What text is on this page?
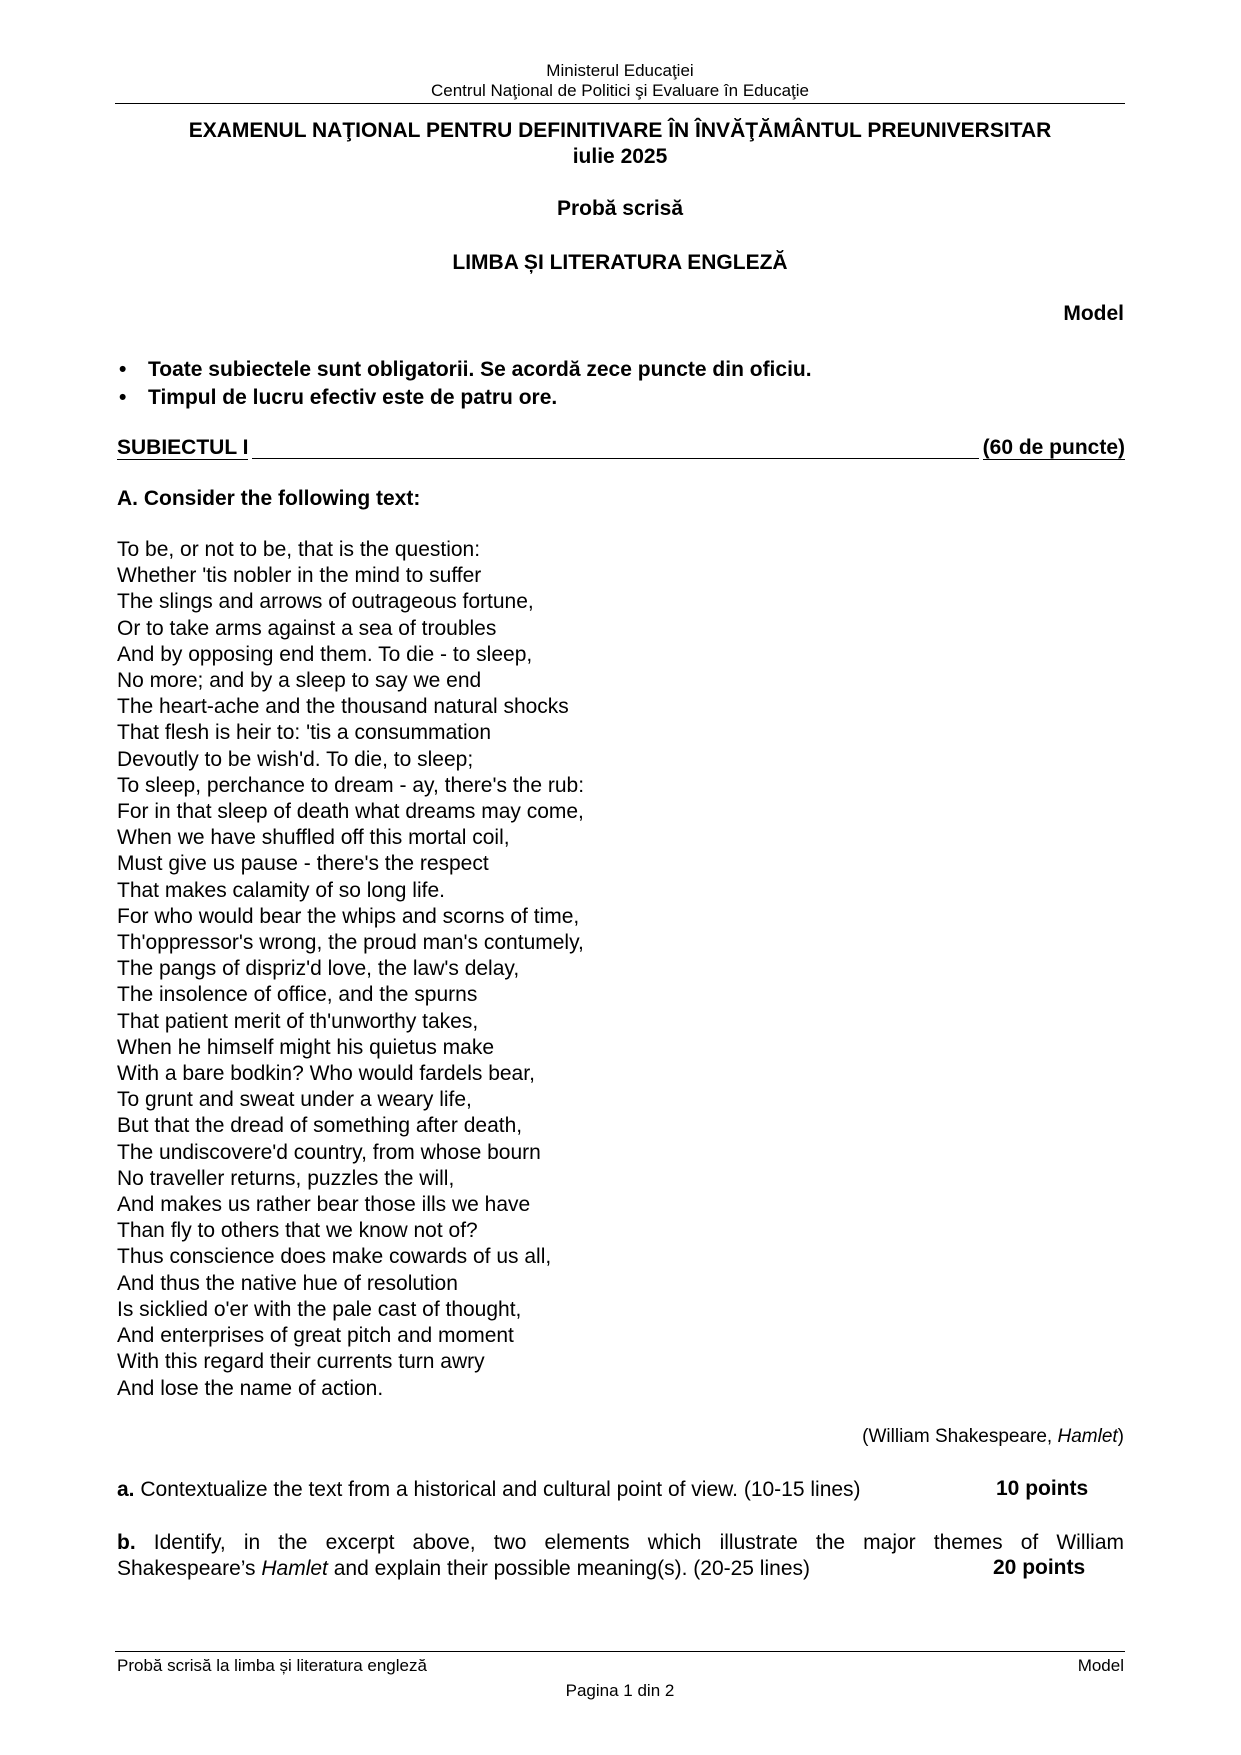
Ministerul Educaţiei
Centrul Naţional de Politici şi Evaluare în Educaţie
EXAMENUL NAŢIONAL PENTRU DEFINITIVARE ÎN ÎNVĂŢĂMÂNTUL PREUNIVERSITAR
iulie 2025
Probă scrisă
LIMBA ȘI LITERATURA ENGLEZĂ
Model
• Toate subiectele sunt obligatorii. Se acordă zece puncte din oficiu.
• Timpul de lucru efectiv este de patru ore.
SUBIECTUL I	(60 de puncte)
A. Consider the following text:
To be, or not to be, that is the question:
Whether 'tis nobler in the mind to suffer
The slings and arrows of outrageous fortune,
Or to take arms against a sea of troubles
And by opposing end them. To die - to sleep,
No more; and by a sleep to say we end
The heart-ache and the thousand natural shocks
That flesh is heir to: 'tis a consummation
Devoutly to be wish'd. To die, to sleep;
To sleep, perchance to dream - ay, there's the rub:
For in that sleep of death what dreams may come,
When we have shuffled off this mortal coil,
Must give us pause - there's the respect
That makes calamity of so long life.
For who would bear the whips and scorns of time,
Th'oppressor's wrong, the proud man's contumely,
The pangs of dispriz'd love, the law's delay,
The insolence of office, and the spurns
That patient merit of th'unworthy takes,
When he himself might his quietus make
With a bare bodkin? Who would fardels bear,
To grunt and sweat under a weary life,
But that the dread of something after death,
The undiscovere'd country, from whose bourn
No traveller returns, puzzles the will,
And makes us rather bear those ills we have
Than fly to others that we know not of?
Thus conscience does make cowards of us all,
And thus the native hue of resolution
Is sicklied o'er with the pale cast of thought,
And enterprises of great pitch and moment
With this regard their currents turn awry
And lose the name of action.
(William Shakespeare, Hamlet)
a. Contextualize the text from a historical and cultural point of view. (10-15 lines)	10 points
b. Identify, in the excerpt above, two elements which illustrate the major themes of William
Shakespeare’s Hamlet and explain their possible meaning(s). (20-25 lines)	20 points
Probă scrisă la limba și literatura engleză	Model
Pagina 1 din 2
